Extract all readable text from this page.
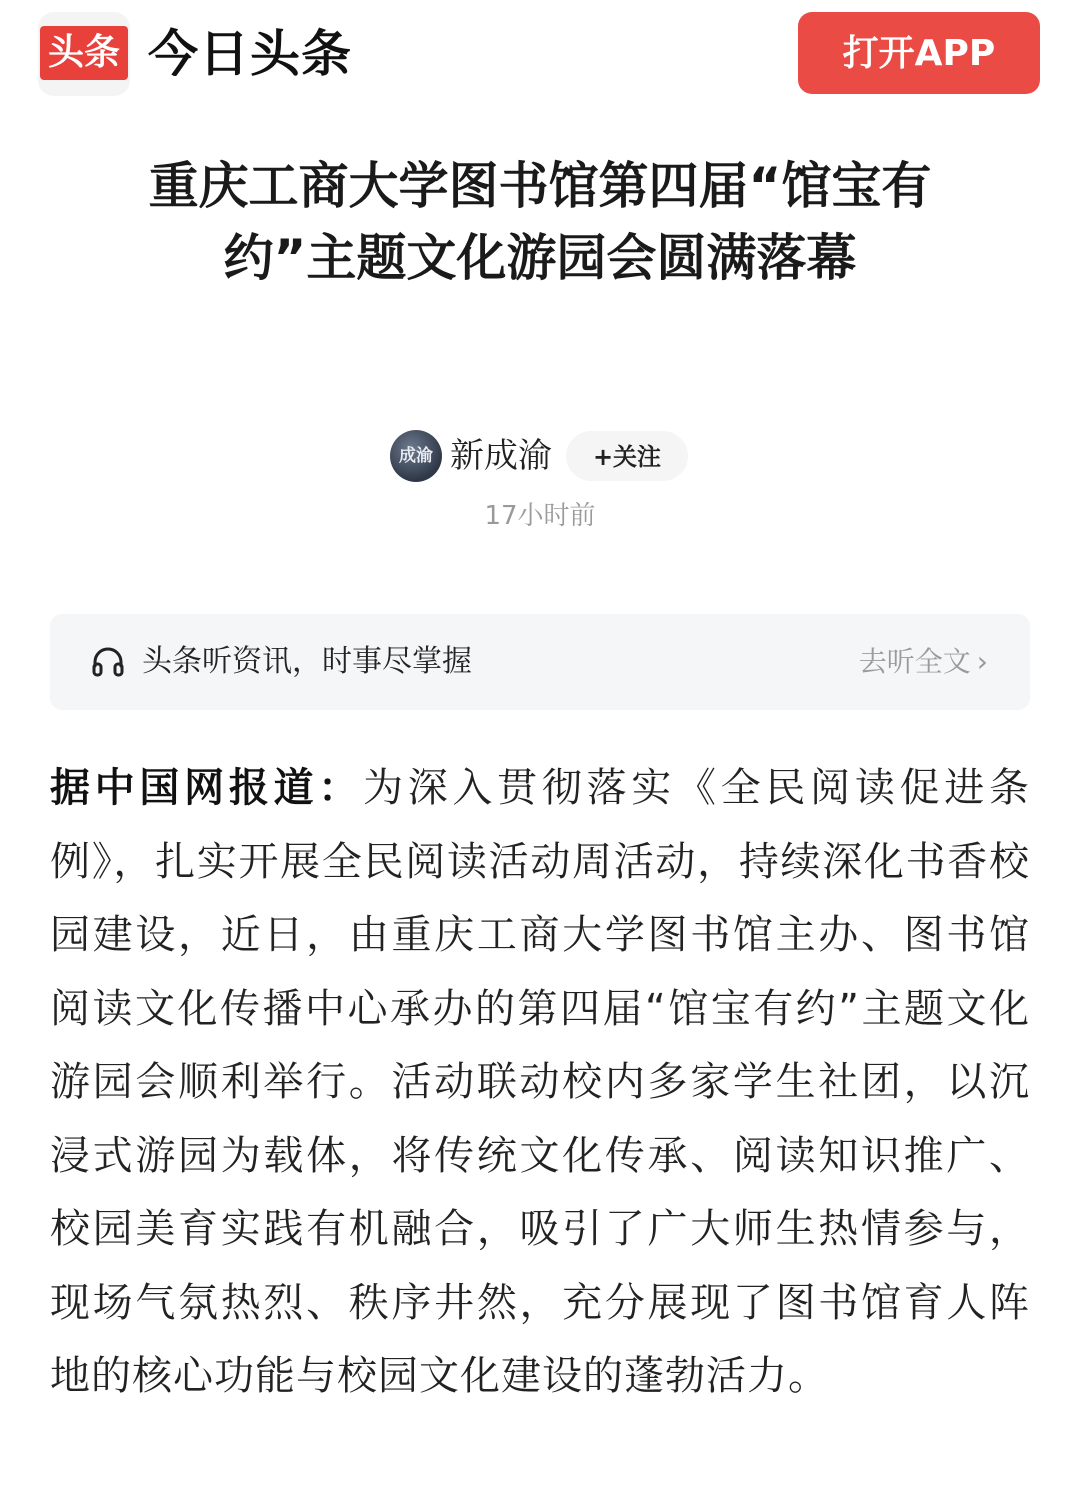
头条 今日头条	打开APP
重庆工商大学图书馆第四届“馆宝有约”主题文化游园会圆满落幕
成渝 新成渝	+关注
17小时前
头条听资讯，时事尽掌握	去听全文 ›
据中国网报道：为深入贯彻落实《全民阅读促进条例》，扎实开展全民阅读活动周活动，持续深化书香校园建设，近日，由重庆工商大学图书馆主办、图书馆阅读文化传播中心承办的第四届“馆宝有约”主题文化游园会顺利举行。活动联动校内多家学生社团，以沉浸式游园为载体，将传统文化传承、阅读知识推广、校园美育实践有机融合，吸引了广大师生热情参与，现场气氛热烈、秩序井然，充分展现了图书馆育人阵地的核心功能与校园文化建设的蓬勃活力。
